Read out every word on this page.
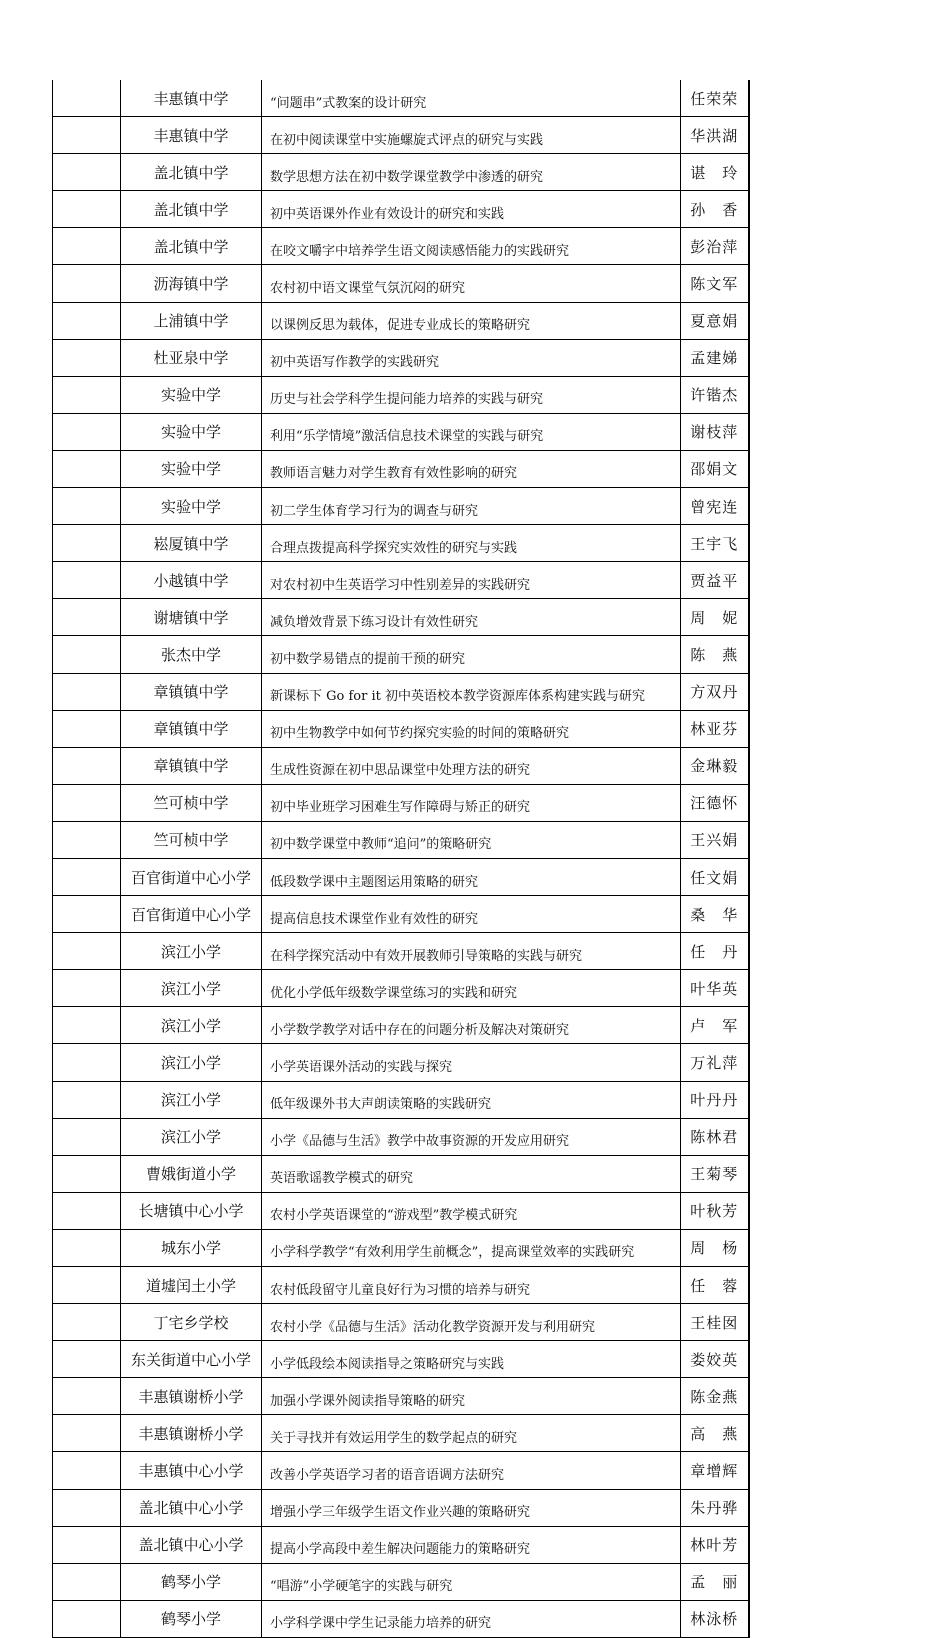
	丰惠镇中学	“问题串”式教案的设计研究	任荣荣
	丰惠镇中学	在初中阅读课堂中实施螺旋式评点的研究与实践	华洪湖
	盖北镇中学	数学思想方法在初中数学课堂教学中渗透的研究	谌　玲
	盖北镇中学	初中英语课外作业有效设计的研究和实践	孙　香
	盖北镇中学	在咬文嚼字中培养学生语文阅读感悟能力的实践研究	彭治萍
	沥海镇中学	农村初中语文课堂气氛沉闷的研究	陈文军
	上浦镇中学	以课例反思为载体，促进专业成长的策略研究	夏意娟
	杜亚泉中学	初中英语写作教学的实践研究	孟建娣
	实验中学	历史与社会学科学生提问能力培养的实践与研究	许锴杰
	实验中学	利用“乐学情境”激活信息技术课堂的实践与研究	谢枝萍
	实验中学	教师语言魅力对学生教育有效性影响的研究	邵娟文
	实验中学	初二学生体育学习行为的调查与研究	曾宪连
	崧厦镇中学	合理点拨提高科学探究实效性的研究与实践	王宇飞
	小越镇中学	对农村初中生英语学习中性别差异的实践研究	贾益平
	谢塘镇中学	减负增效背景下练习设计有效性研究	周　妮
	张杰中学	初中数学易错点的提前干预的研究	陈　燕
	章镇镇中学	新课标下 Go for it 初中英语校本教学资源库体系构建实践与研究	方双丹
	章镇镇中学	初中生物教学中如何节约探究实验的时间的策略研究	林亚芬
	章镇镇中学	生成性资源在初中思品课堂中处理方法的研究	金琳毅
	竺可桢中学	初中毕业班学习困难生写作障碍与矫正的研究	汪德怀
	竺可桢中学	初中数学课堂中教师“追问”的策略研究	王兴娟
	百官街道中心小学	低段数学课中主题图运用策略的研究	任文娟
	百官街道中心小学	提高信息技术课堂作业有效性的研究	桑　华
	滨江小学	在科学探究活动中有效开展教师引导策略的实践与研究	任　丹
	滨江小学	优化小学低年级数学课堂练习的实践和研究	叶华英
	滨江小学	小学数学教学对话中存在的问题分析及解决对策研究	卢　军
	滨江小学	小学英语课外活动的实践与探究	万礼萍
	滨江小学	低年级课外书大声朗读策略的实践研究	叶丹丹
	滨江小学	小学《品德与生活》教学中故事资源的开发应用研究	陈林君
	曹娥街道小学	英语歌谣教学模式的研究	王菊琴
	长塘镇中心小学	农村小学英语课堂的“游戏型”教学模式研究	叶秋芳
	城东小学	小学科学教学“有效利用学生前概念”，提高课堂效率的实践研究	周　杨
	道墟闰土小学	农村低段留守儿童良好行为习惯的培养与研究	任　蓉
	丁宅乡学校	农村小学《品德与生活》活动化教学资源开发与利用研究	王桂囡
	东关街道中心小学	小学低段绘本阅读指导之策略研究与实践	娄姣英
	丰惠镇谢桥小学	加强小学课外阅读指导策略的研究	陈金燕
	丰惠镇谢桥小学	关于寻找并有效运用学生的数学起点的研究	高　燕
	丰惠镇中心小学	改善小学英语学习者的语音语调方法研究	章增辉
	盖北镇中心小学	增强小学三年级学生语文作业兴趣的策略研究	朱丹骅
	盖北镇中心小学	提高小学高段中差生解决问题能力的策略研究	林叶芳
	鹤琴小学	“唱游”小学硬笔字的实践与研究	孟　丽
	鹤琴小学	小学科学课中学生记录能力培养的研究	林泳桥
